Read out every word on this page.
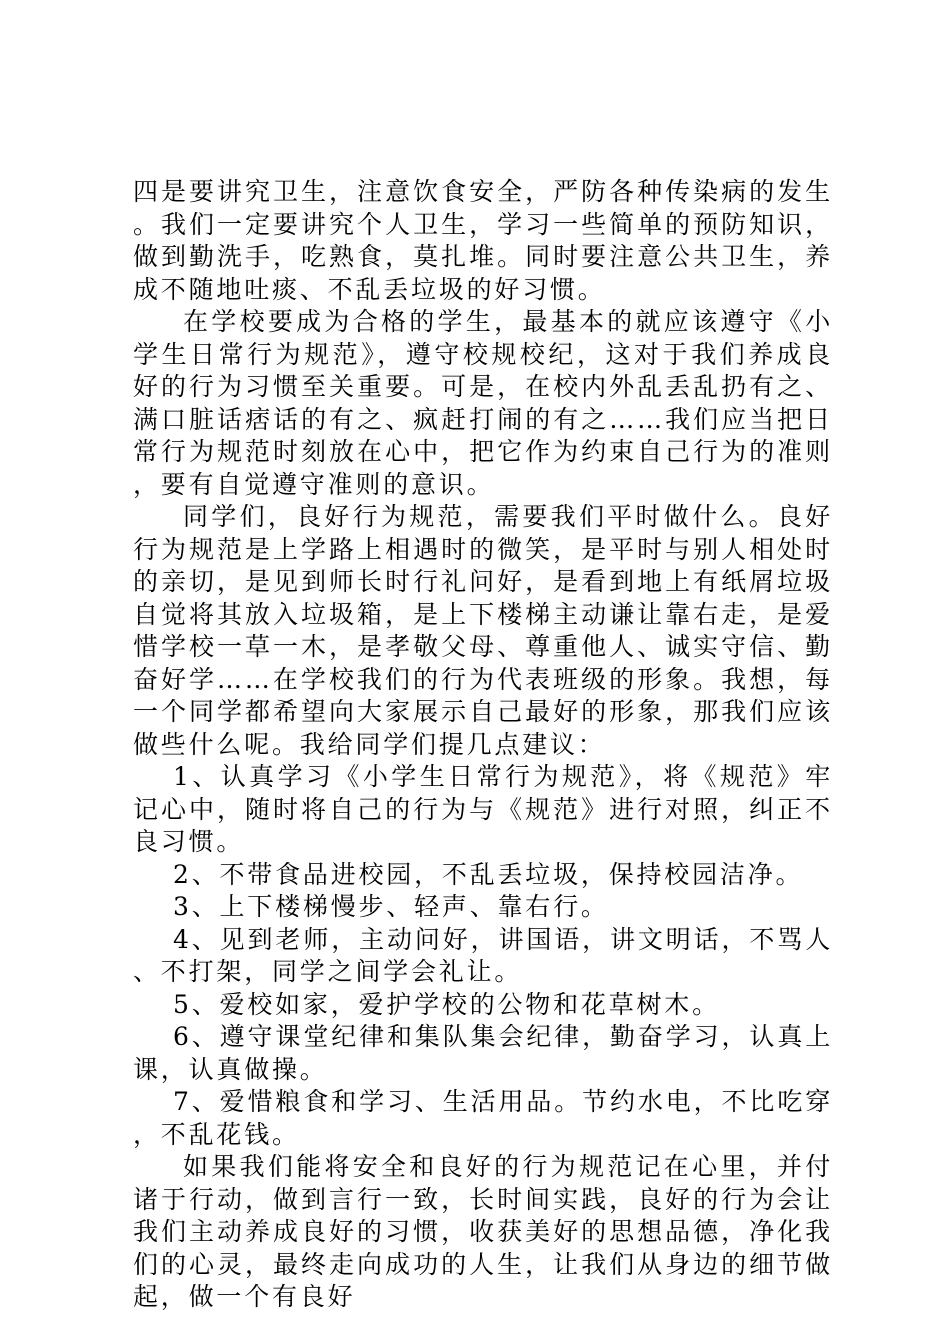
四是要讲究卫生，注意饮食安全，严防各种传染病的发生。我们一定要讲究个人卫生，学习一些简单的预防知识，做到勤洗手，吃熟食，莫扎堆。同时要注意公共卫生，养成不随地吐痰、不乱丢垃圾的好习惯。

在学校要成为合格的学生，最基本的就应该遵守《小学生日常行为规范》，遵守校规校纪，这对于我们养成良好的行为习惯至关重要。可是，在校内外乱丢乱扔有之、满口脏话痞话的有之、疯赶打闹的有之……我们应当把日常行为规范时刻放在心中，把它作为约束自己行为的准则，要有自觉遵守准则的意识。

同学们，良好行为规范，需要我们平时做什么。良好行为规范是上学路上相遇时的微笑，是平时与别人相处时的亲切，是见到师长时行礼问好，是看到地上有纸屑垃圾自觉将其放入垃圾箱，是上下楼梯主动谦让靠右走，是爱惜学校一草一木，是孝敬父母、尊重他人、诚实守信、勤奋好学……在学校我们的行为代表班级的形象。我想，每一个同学都希望向大家展示自己最好的形象，那我们应该做些什么呢。我给同学们提几点建议：

1、认真学习《小学生日常行为规范》，将《规范》牢记心中，随时将自己的行为与《规范》进行对照，纠正不良习惯。

2、不带食品进校园，不乱丢垃圾，保持校园洁净。

3、上下楼梯慢步、轻声、靠右行。

4、见到老师，主动问好，讲国语，讲文明话，不骂人、不打架，同学之间学会礼让。

5、爱校如家，爱护学校的公物和花草树木。

6、遵守课堂纪律和集队集会纪律，勤奋学习，认真上课，认真做操。

7、爱惜粮食和学习、生活用品。节约水电，不比吃穿，不乱花钱。

如果我们能将安全和良好的行为规范记在心里，并付诸于行动，做到言行一致，长时间实践，良好的行为会让我们主动养成良好的习惯，收获美好的思想品德，净化我们的心灵，最终走向成功的人生，让我们从身边的细节做起，做一个有良好
